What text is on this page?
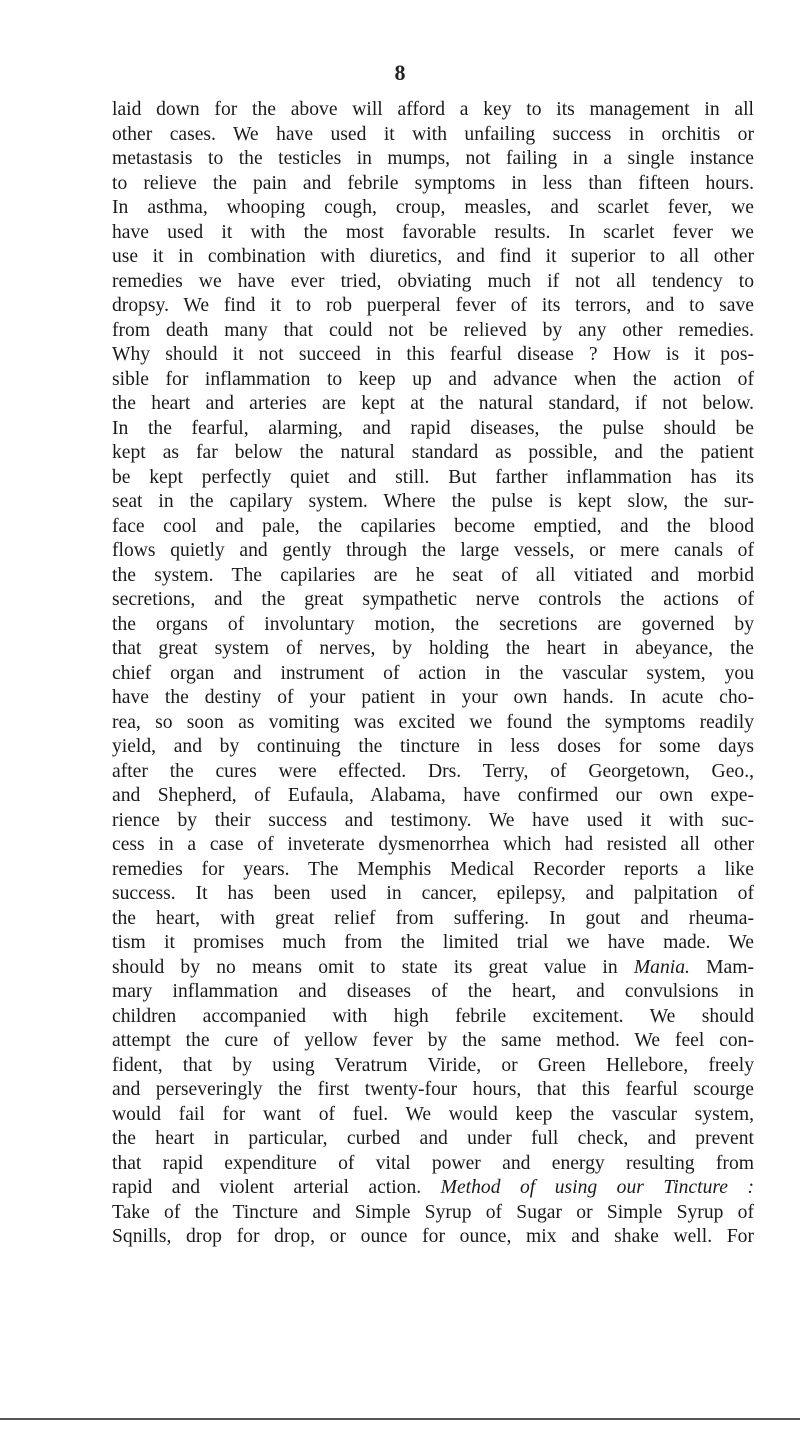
8
laid down for the above will afford a key to its management in all
other cases. We have used it with unfailing success in orchitis or
metastasis to the testicles in mumps, not failing in a single instance
to relieve the pain and febrile symptoms in less than fifteen hours.
In asthma, whooping cough, croup, measles, and scarlet fever, we
have used it with the most favorable results. In scarlet fever we
use it in combination with diuretics, and find it superior to all other
remedies we have ever tried, obviating much if not all tendency to
dropsy. We find it to rob puerperal fever of its terrors, and to save
from death many that could not be relieved by any other remedies.
Why should it not succeed in this fearful disease ? How is it pos-
sible for inflammation to keep up and advance when the action of
the heart and arteries are kept at the natural standard, if not below.
In the fearful, alarming, and rapid diseases, the pulse should be
kept as far below the natural standard as possible, and the patient
be kept perfectly quiet and still. But farther inflammation has its
seat in the capilary system. Where the pulse is kept slow, the sur-
face cool and pale, the capilaries become emptied, and the blood
flows quietly and gently through the large vessels, or mere canals of
the system. The capilaries are he seat of all vitiated and morbid
secretions, and the great sympathetic nerve controls the actions of
the organs of involuntary motion, the secretions are governed by
that great system of nerves, by holding the heart in abeyance, the
chief organ and instrument of action in the vascular system, you
have the destiny of your patient in your own hands. In acute cho-
rea, so soon as vomiting was excited we found the symptoms readily
yield, and by continuing the tincture in less doses for some days
after the cures were effected. Drs. Terry, of Georgetown, Geo.,
and Shepherd, of Eufaula, Alabama, have confirmed our own expe-
rience by their success and testimony. We have used it with suc-
cess in a case of inveterate dysmenorrhea which had resisted all other
remedies for years. The Memphis Medical Recorder reports a like
success. It has been used in cancer, epilepsy, and palpitation of
the heart, with great relief from suffering. In gout and rheuma-
tism it promises much from the limited trial we have made. We
should by no means omit to state its great value in Mania. Mam-
mary inflammation and diseases of the heart, and convulsions in
children accompanied with high febrile excitement. We should
attempt the cure of yellow fever by the same method. We feel con-
fident, that by using Veratrum Viride, or Green Hellebore, freely
and perseveringly the first twenty-four hours, that this fearful scourge
would fail for want of fuel. We would keep the vascular system,
the heart in particular, curbed and under full check, and prevent
that rapid expenditure of vital power and energy resulting from
rapid and violent arterial action. Method of using our Tincture :
Take of the Tincture and Simple Syrup of Sugar or Simple Syrup of
Sqnills, drop for drop, or ounce for ounce, mix and shake well. For
